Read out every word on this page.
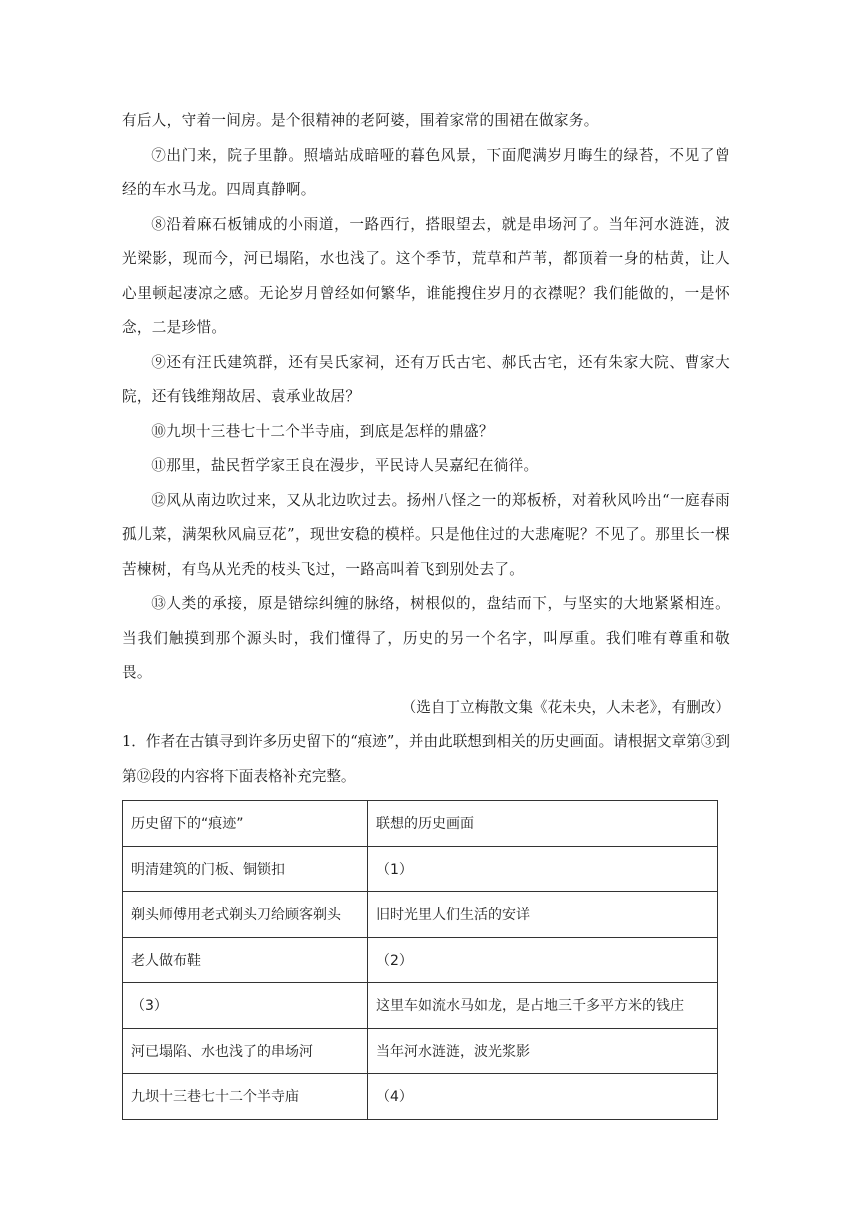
有后人，守着一间房。是个很精神的老阿婆，围着家常的围裙在做家务。

⑦出门来，院子里静。照墙站成暗哑的暮色风景，下面爬满岁月晦生的绿苔，不见了曾经的车水马龙。四周真静啊。

⑧沿着麻石板铺成的小雨道，一路西行，搭眼望去，就是串场河了。当年河水涟涟，波光梁影，现而今，河已塌陷，水也浅了。这个季节，荒草和芦苇，都顶着一身的枯黄，让人心里顿起凄凉之感。无论岁月曾经如何繁华，谁能搜住岁月的衣襟呢？我们能做的，一是怀念，二是珍惜。

⑨还有汪氏建筑群，还有吴氏家祠，还有万氏古宅、郝氏古宅，还有朱家大院、曹家大院，还有钱维翔故居、袁承业故居？

⑩九坝十三巷七十二个半寺庙，到底是怎样的鼎盛？

⑪那里，盐民哲学家王良在漫步，平民诗人吴嘉纪在徜徉。

⑫风从南边吹过来，又从北边吹过去。扬州八怪之一的郑板桥，对着秋风吟出“一庭春雨孤儿菜，满架秋风扁豆花”，现世安稳的模样。只是他住过的大悲庵呢？不见了。那里长一棵苦楝树，有鸟从光秃的枝头飞过，一路高叫着飞到别处去了。

⑬人类的承接，原是错综纠缠的脉络，树根似的，盘结而下，与坚实的大地紧紧相连。当我们触摸到那个源头时，我们懂得了，历史的另一个名字，叫厚重。我们唯有尊重和敬畏。

（选自丁立梅散文集《花未央，人未老》，有删改）

1．作者在古镇寻到许多历史留下的“痕迹”，并由此联想到相关的历史画面。请根据文章第③到第⑫段的内容将下面表格补充完整。

历史留下的“痕迹”	联想的历史画面
明清建筑的门板、铜锁扣	（1）
剃头师傅用老式剃头刀给顾客剃头	旧时光里人们生活的安详
老人做布鞋	（2）
（3）	这里车如流水马如龙，是占地三千多平方米的钱庄
河已塌陷、水也浅了的串场河	当年河水涟涟，波光浆影
九坝十三巷七十二个半寺庙	（4）
